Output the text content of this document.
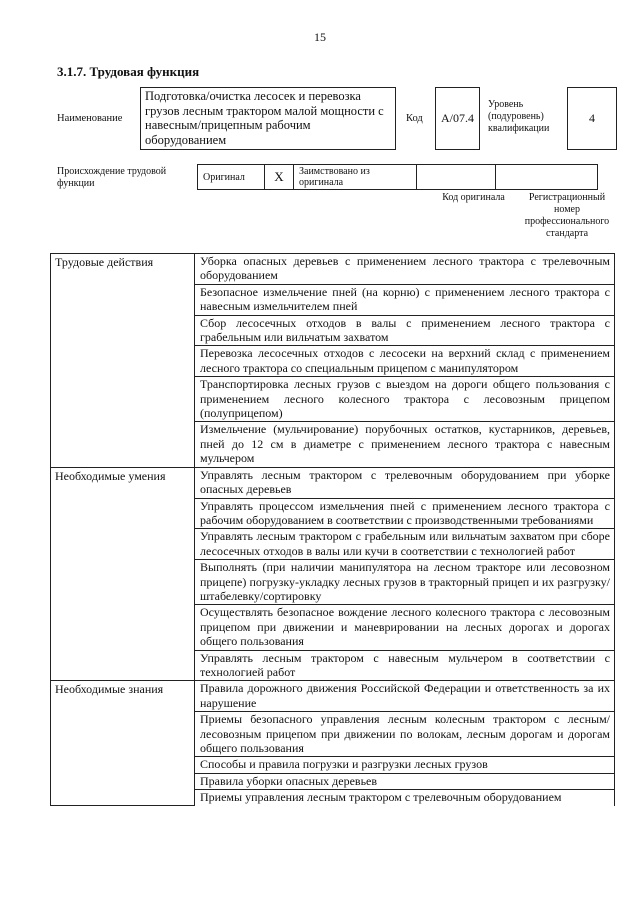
15
3.1.7. Трудовая функция
Наименование
Подготовка/очистка лесосек и перевозка грузов лесным трактором малой мощности с навесным/прицепным рабочим оборудованием
Код	А/07.4
Уровень (подуровень) квалификации
4
Происхождение трудовой функции
Оригинал	X	Заимствовано из оригинала		
Код оригинала	Регистрационный номер профессионального стандарта
Трудовые действия	Уборка опасных деревьев с применением лесного трактора с трелевочным оборудованием
	Безопасное измельчение пней (на корню) с применением лесного трактора с навесным измельчителем пней
	Сбор лесосечных отходов в валы с применением лесного трактора с грабельным или вильчатым захватом
	Перевозка лесосечных отходов с лесосеки на верхний склад с применением лесного трактора со специальным прицепом с манипулятором
	Транспортировка лесных грузов с выездом на дороги общего пользования с применением лесного колесного трактора с лесовозным прицепом (полуприцепом)
	Измельчение (мульчирование) порубочных остатков, кустарников, деревьев, пней до 12 см в диаметре с применением лесного трактора с навесным мульчером
Необходимые умения	Управлять лесным трактором с трелевочным оборудованием при уборке опасных деревьев
	Управлять процессом измельчения пней с применением лесного трактора с рабочим оборудованием в соответствии с производственными требованиями
	Управлять лесным трактором с грабельным или вильчатым захватом при сборе лесосечных отходов в валы или кучи в соответствии с технологией работ
	Выполнять (при наличии манипулятора на лесном тракторе или лесовозном прицепе) погрузку-укладку лесных грузов в тракторный прицеп и их разгрузку/штабелевку/сортировку
	Осуществлять безопасное вождение лесного колесного трактора с лесовозным прицепом при движении и маневрировании на лесных дорогах и дорогах общего пользования
	Управлять лесным трактором с навесным мульчером в соответствии с технологией работ
Необходимые знания	Правила дорожного движения Российской Федерации и ответственность за их нарушение
	Приемы безопасного управления лесным колесным трактором с лесным/лесовозным прицепом при движении по волокам, лесным дорогам и дорогам общего пользования
	Способы и правила погрузки и разгрузки лесных грузов
	Правила уборки опасных деревьев
	Приемы управления лесным трактором с трелевочным оборудованием
